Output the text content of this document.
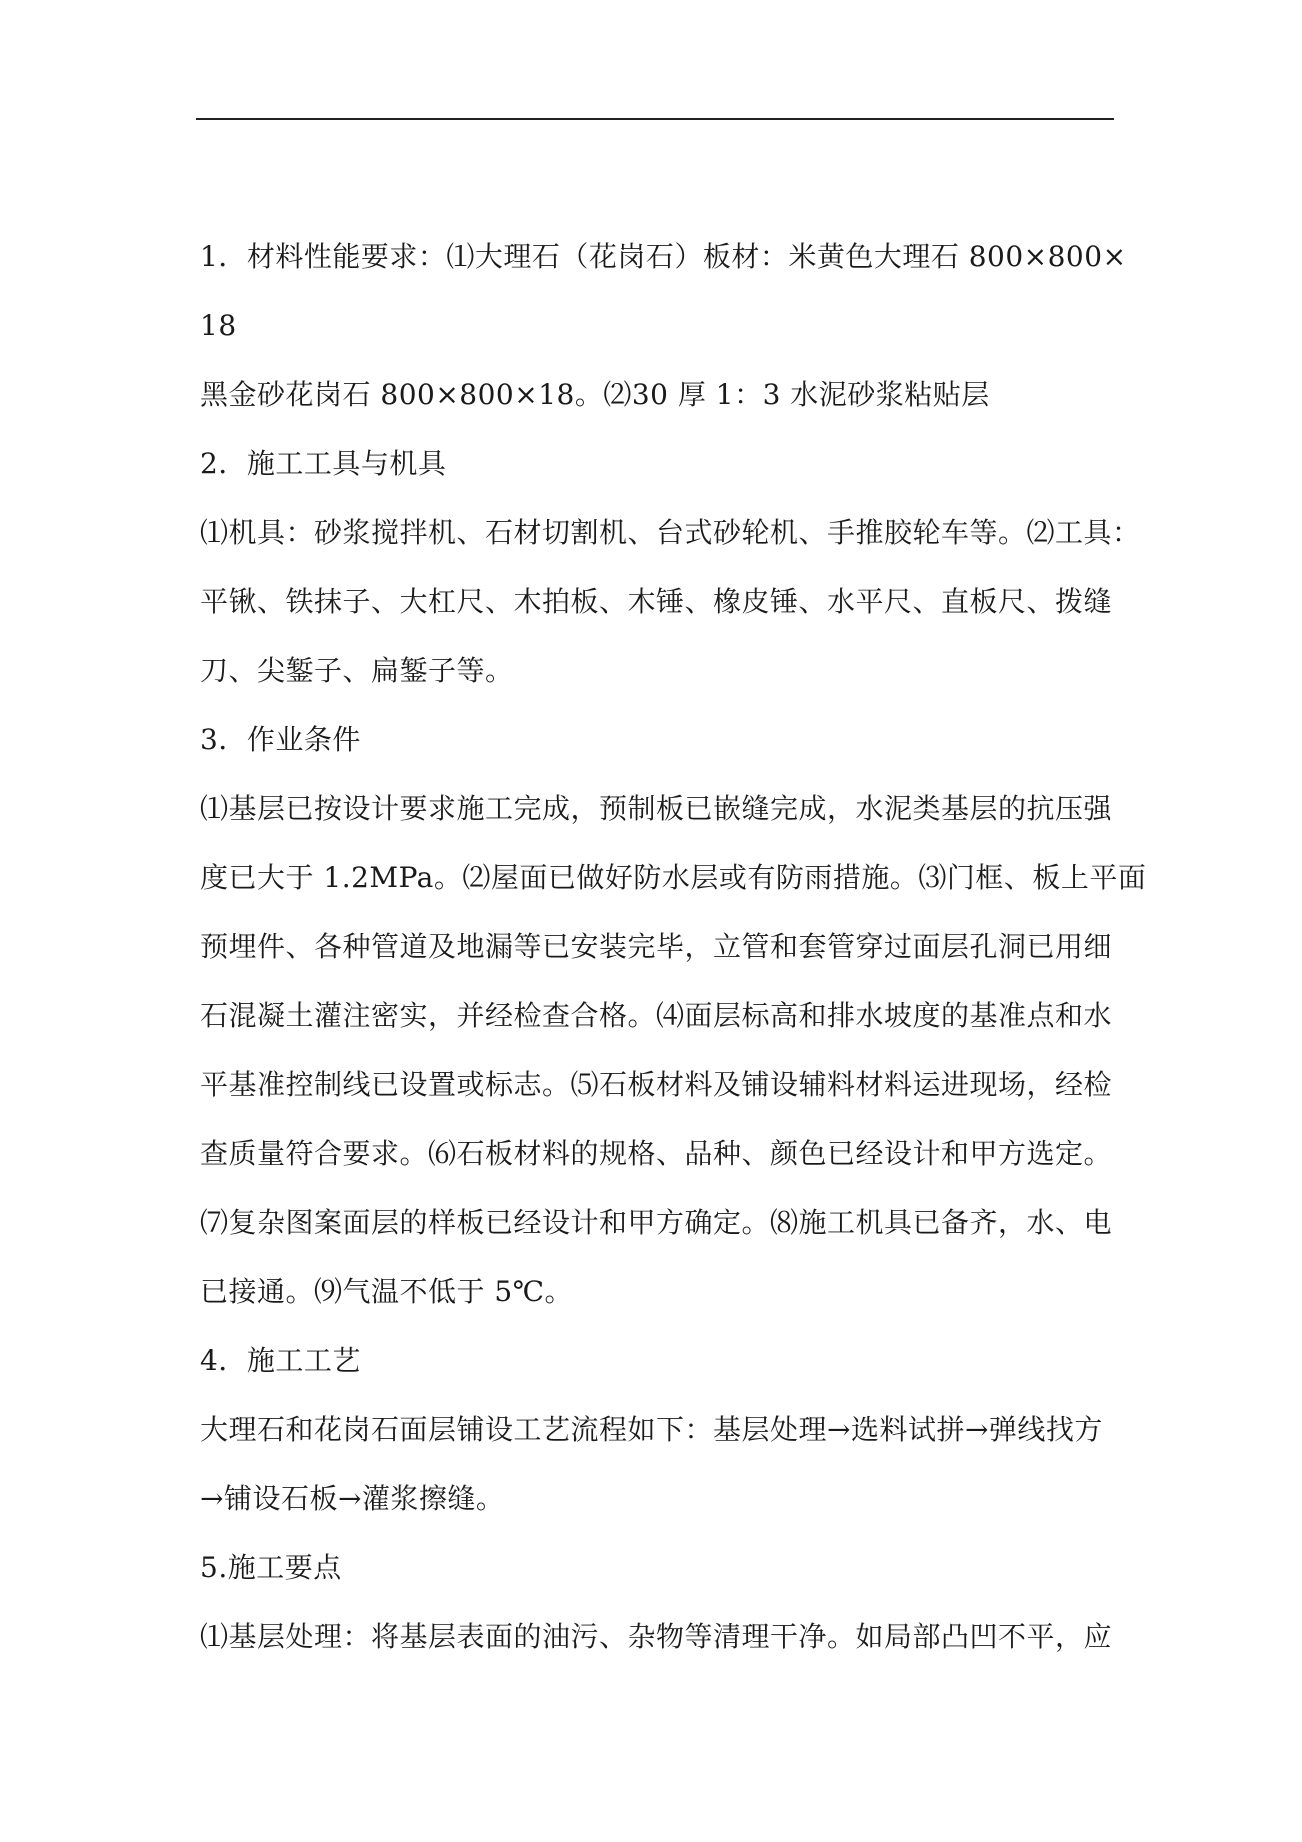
1．材料性能要求：⑴大理石（花岗石）板材：米黄色大理石 800×800×
18
黑金砂花岗石 800×800×18。⑵30 厚 1：3 水泥砂浆粘贴层
2．施工工具与机具
⑴机具：砂浆搅拌机、石材切割机、台式砂轮机、手推胶轮车等。⑵工具：
平锹、铁抹子、大杠尺、木拍板、木锤、橡皮锤、水平尺、直板尺、拨缝
刀、尖錾子、扁錾子等。
3．作业条件
⑴基层已按设计要求施工完成，预制板已嵌缝完成，水泥类基层的抗压强
度已大于 1.2MPa。⑵屋面已做好防水层或有防雨措施。⑶门框、板上平面
预埋件、各种管道及地漏等已安装完毕，立管和套管穿过面层孔洞已用细
石混凝土灌注密实，并经检查合格。⑷面层标高和排水坡度的基准点和水
平基准控制线已设置或标志。⑸石板材料及铺设辅料材料运进现场，经检
查质量符合要求。⑹石板材料的规格、品种、颜色已经设计和甲方选定。
⑺复杂图案面层的样板已经设计和甲方确定。⑻施工机具已备齐，水、电
已接通。⑼气温不低于 5℃。
4．施工工艺
大理石和花岗石面层铺设工艺流程如下：基层处理→选料试拼→弹线找方
→铺设石板→灌浆擦缝。
5.施工要点
⑴基层处理：将基层表面的油污、杂物等清理干净。如局部凸凹不平，应
